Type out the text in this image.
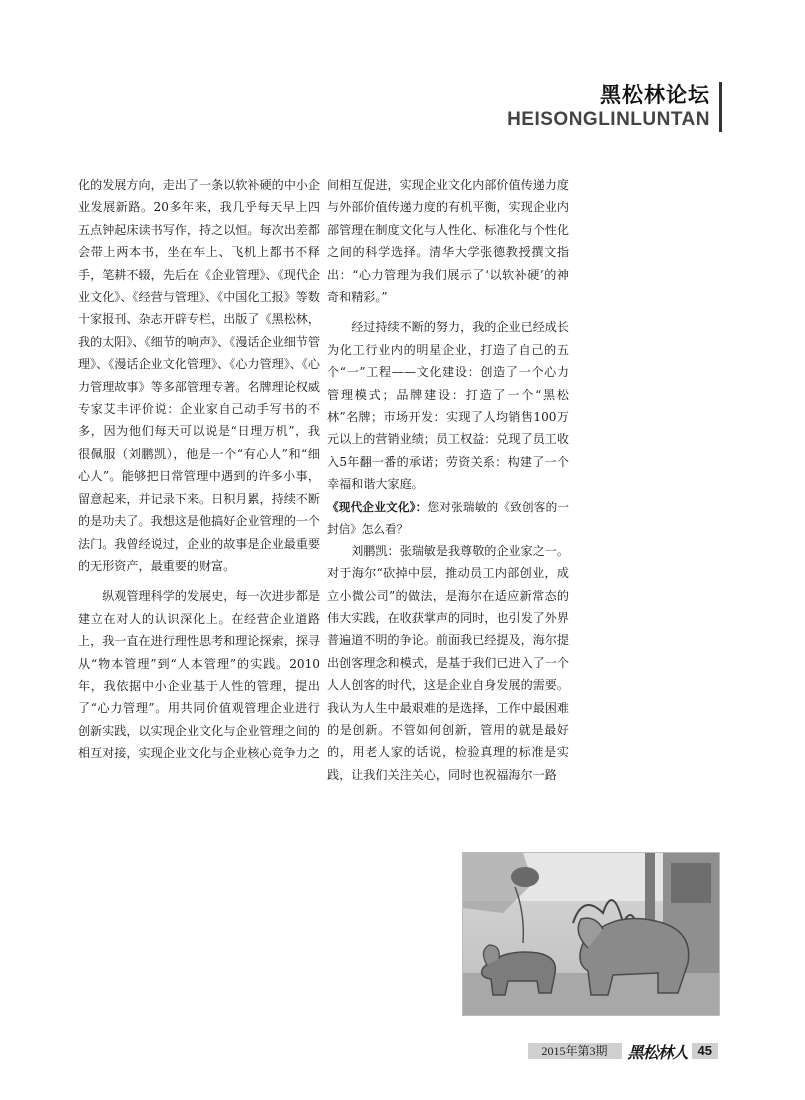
黑松林论坛
HEISONGLINLUNTAN

化的发展方向，走出了一条以软补硬的中小企业发展新路。20多年来，我几乎每天早上四五点钟起床读书写作，持之以恒。每次出差都会带上两本书，坐在车上、飞机上都书不释手，笔耕不辍，先后在《企业管理》、《现代企业文化》、《经营与管理》、《中国化工报》等数十家报刊、杂志开辟专栏，出版了《黑松林，我的太阳》、《细节的响声》、《漫话企业细节管理》、《漫话企业文化管理》、《心力管理》、《心力管理故事》等多部管理专著。名牌理论权威专家艾丰评价说：企业家自己动手写书的不多，因为他们每天可以说是“日理万机”，我很佩服（刘鹏凯），他是一个“有心人”和“细心人”。能够把日常管理中遇到的许多小事，留意起来，并记录下来。日积月累，持续不断的是功夫了。我想这是他搞好企业管理的一个法门。我曾经说过，企业的故事是企业最重要的无形资产，最重要的财富。

纵观管理科学的发展史，每一次进步都是建立在对人的认识深化上。在经营企业道路上，我一直在进行理性思考和理论探索，探寻从“物本管理”到“人本管理”的实践。2010年，我依据中小企业基于人性的管理，提出了“心力管理”。用共同价值观管理企业进行创新实践，以实现企业文化与企业管理之间的相互对接，实现企业文化与企业核心竞争力之

间相互促进，实现企业文化内部价值传递力度与外部价值传递力度的有机平衡，实现企业内部管理在制度文化与人性化、标准化与个性化之间的科学选择。清华大学张德教授撰文指出：“心力管理为我们展示了‘以软补硬’的神奇和精彩。”

经过持续不断的努力，我的企业已经成长为化工行业内的明星企业，打造了自己的五个“一”工程——文化建设：创造了一个心力管理模式；品牌建设：打造了一个“黑松林”名牌；市场开发：实现了人均销售100万元以上的营销业绩；员工权益：兑现了员工收入5年翻一番的承诺；劳资关系：构建了一个幸福和谐大家庭。

《现代企业文化》：您对张瑞敏的《致创客的一封信》怎么看？

刘鹏凯：张瑞敏是我尊敬的企业家之一。对于海尔“砍掉中层，推动员工内部创业，成立小微公司”的做法，是海尔在适应新常态的伟大实践，在收获掌声的同时，也引发了外界普遍道不明的争论。前面我已经提及，海尔提出创客理念和模式，是基于我们已进入了一个人人创客的时代，这是企业自身发展的需要。我认为人生中最艰难的是选择，工作中最困难的是创新。不管如何创新，管用的就是最好的，用老人家的话说，检验真理的标准是实践，让我们关注关心，同时也祝福海尔一路

2015年第3期	黑松林人 45
